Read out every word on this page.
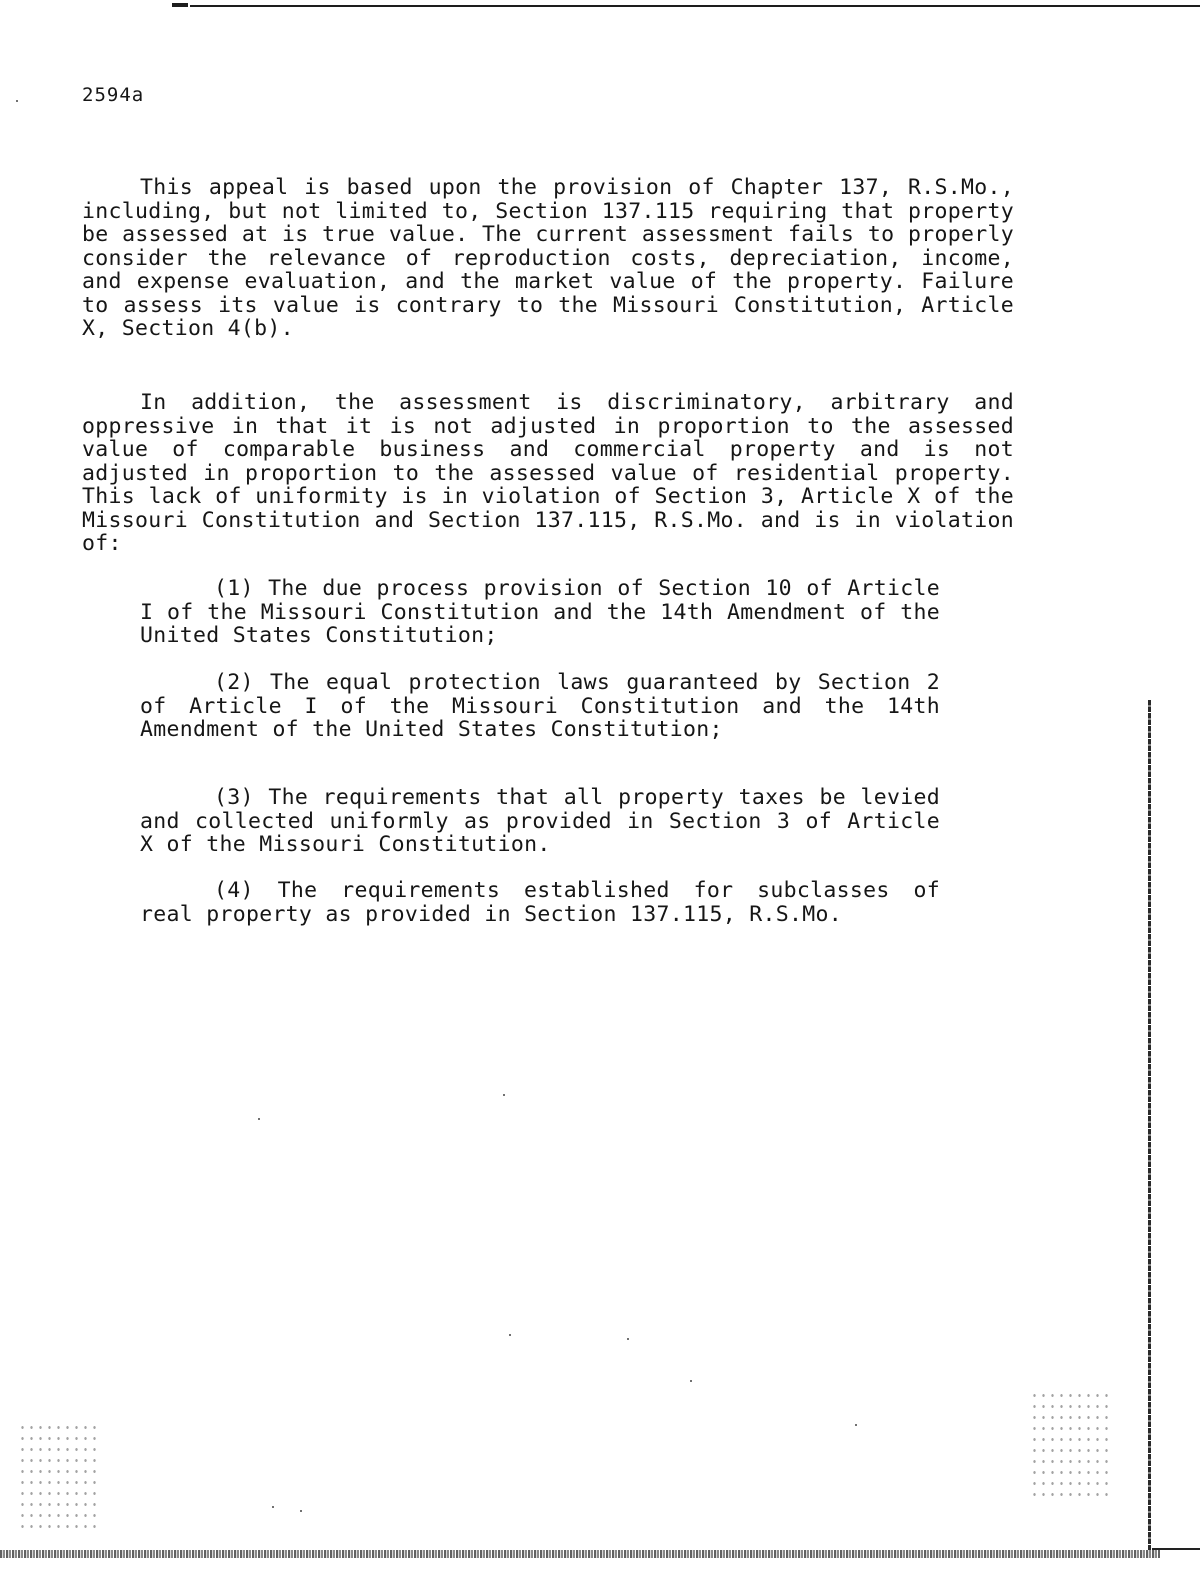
2594a

This appeal is based upon the provision of Chapter 137, R.S.Mo., including, but not limited to, Section 137.115 requiring that property be assessed at is true value. The current assessment fails to properly consider the relevance of reproduction costs, depreciation, income, and expense evaluation, and the market value of the property. Failure to assess its value is contrary to the Missouri Constitution, Article X, Section 4(b).

In addition, the assessment is discriminatory, arbitrary and oppressive in that it is not adjusted in proportion to the assessed value of comparable business and commercial property and is not adjusted in proportion to the assessed value of residential property. This lack of uniformity is in violation of Section 3, Article X of the Missouri Constitution and Section 137.115, R.S.Mo. and is in violation of:

(1) The due process provision of Section 10 of Article I of the Missouri Constitution and the 14th Amendment of the United States Constitution;

(2) The equal protection laws guaranteed by Section 2 of Article I of the Missouri Constitution and the 14th Amendment of the United States Constitution;

(3) The requirements that all property taxes be levied and collected uniformly as provided in Section 3 of Article X of the Missouri Constitution.

(4) The requirements established for subclasses of real property as provided in Section 137.115, R.S.Mo.
